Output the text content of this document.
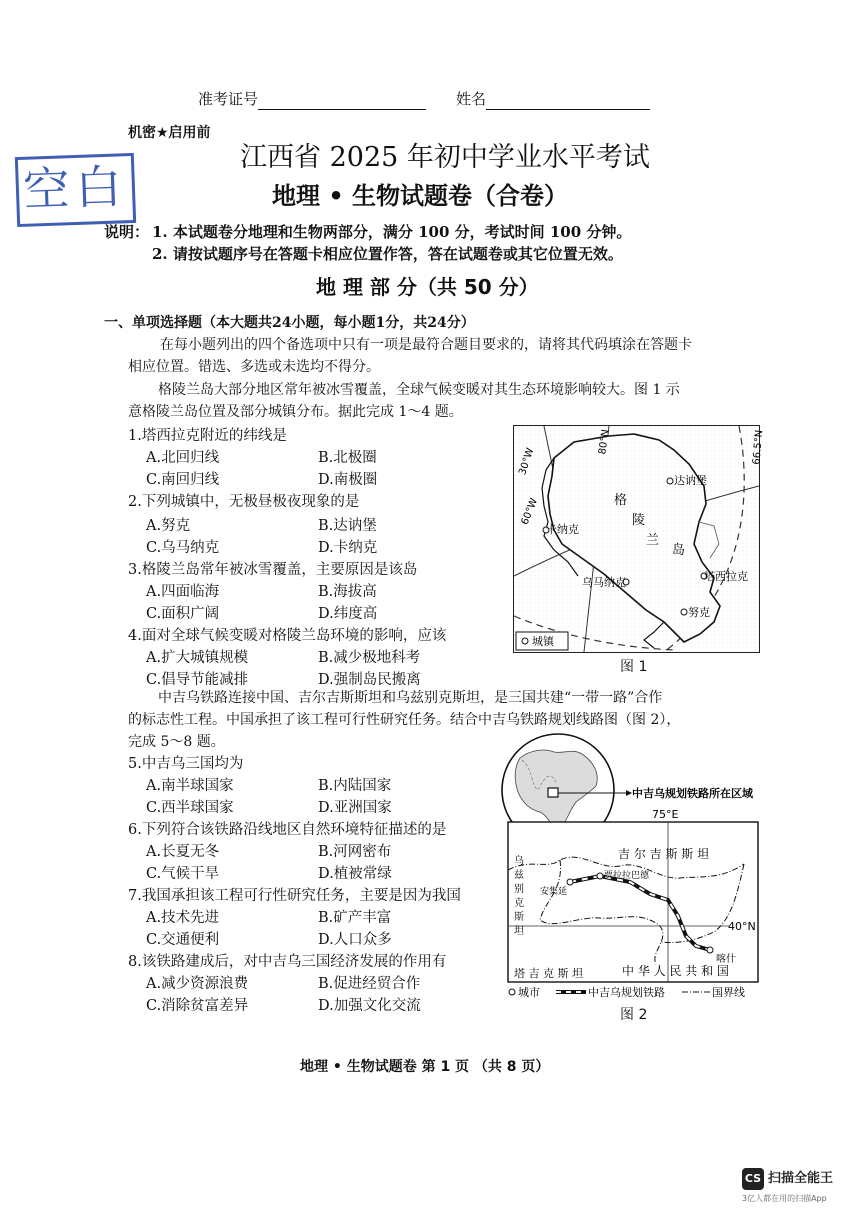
准考证号	姓名
机密★启用前
空白
江西省 2025 年初中学业水平考试
地理 • 生物试题卷（合卷）
说明： 1. 本试题卷分地理和生物两部分，满分 100 分，考试时间 100 分钟。
2. 请按试题序号在答题卡相应位置作答，答在试题卷或其它位置无效。
地 理 部 分（共 50 分）
一、单项选择题（本大题共24小题，每小题1分，共24分）
在每小题列出的四个备选项中只有一项是最符合题目要求的，请将其代码填涂在答题卡
相应位置。错选、多选或未选均不得分。
格陵兰岛大部分地区常年被冰雪覆盖，全球气候变暖对其生态环境影响较大。图 1 示
意格陵兰岛位置及部分城镇分布。据此完成 1～4 题。
1.塔西拉克附近的纬线是
A.北回归线	B.北极圈
C.南回归线	D.南极圈
2.下列城镇中，无极昼极夜现象的是
A.努克	B.达讷堡
C.乌马纳克	D.卡纳克
3.格陵兰岛常年被冰雪覆盖，主要原因是该岛
A.四面临海	B.海拔高
C.面积广阔	D.纬度高
4.面对全球气候变暖对格陵兰岛环境的影响，应该
A.扩大城镇规模	B.减少极地科考
C.倡导节能减排	D.强制岛民搬离
30°W
80°N
60°W
66.5°N
格
陵
兰
岛
达讷堡
卡纳克
乌马纳克	塔西拉克
努克
城镇
图 1
中吉乌铁路连接中国、吉尔吉斯斯坦和乌兹别克斯坦，是三国共建“一带一路”合作
的标志性工程。中国承担了该工程可行性研究任务。结合中吉乌铁路规划线路图（图 2），
完成 5～8 题。
5.中吉乌三国均为
A.南半球国家	B.内陆国家
C.西半球国家	D.亚洲国家
6.下列符合该铁路沿线地区自然环境特征描述的是
A.长夏无冬	B.河网密布
C.气候干旱	D.植被常绿
7.我国承担该工程可行性研究任务，主要是因为我国
A.技术先进	B.矿产丰富
C.交通便利	D.人口众多
8.该铁路建成后，对中吉乌三国经济发展的作用有
A.减少资源浪费	B.促进经贸合作
C.消除贫富差异	D.加强文化交流
中吉乌规划铁路所在区域
75°E
40°N
吉 尔 吉 斯 斯 坦
乌
兹
别
克
斯
坦
塔 吉 克 斯 坦	中 华 人 民 共 和 国
安集延
贾拉拉巴德
喀什
城市	中吉乌规划铁路	国界线
图 2
地理 • 生物试题卷 第 1 页 （共 8 页）
CS 扫描全能王
3亿人都在用的扫描App
